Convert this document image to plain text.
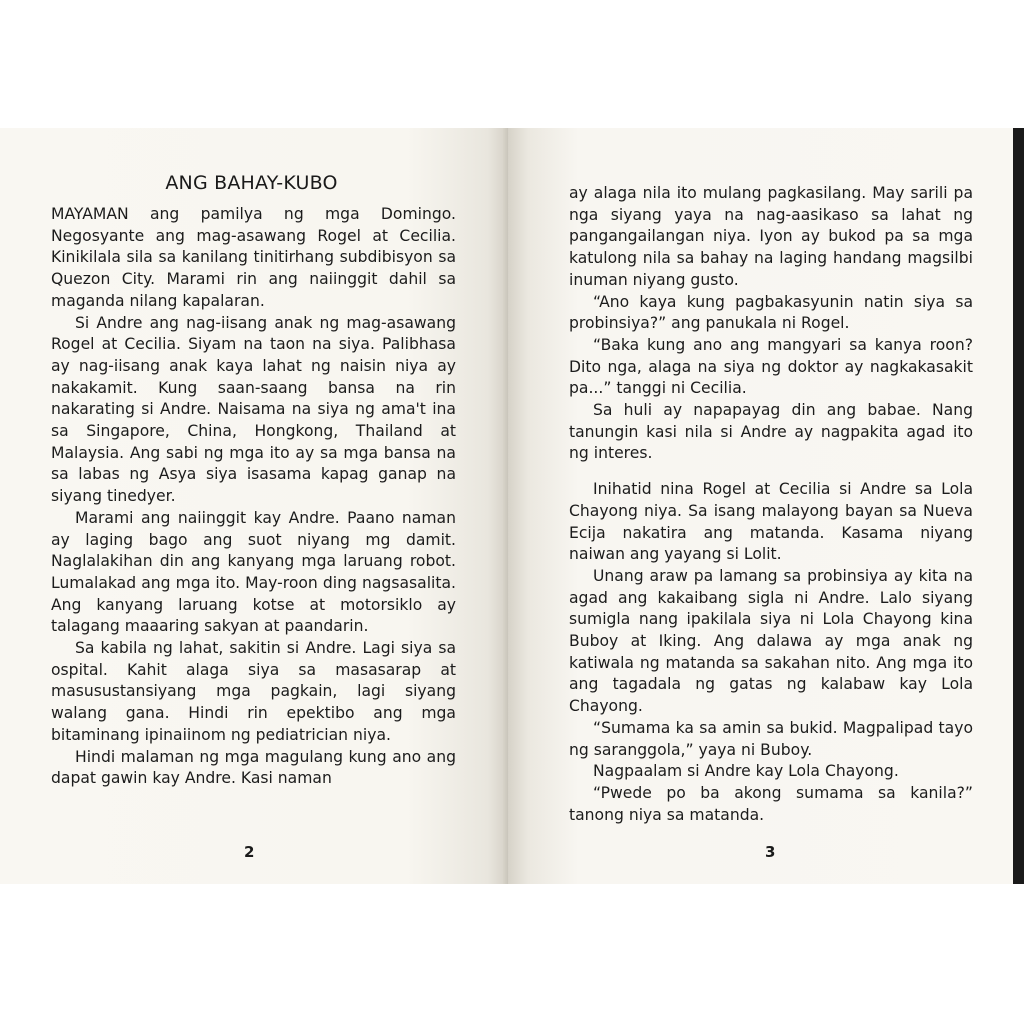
ANG BAHAY-KUBO

MAYAMAN ang pamilya ng mga Domingo. Negosyante ang mag-asawang Rogel at Cecilia. Kinikilala sila sa kanilang tinitirhang subdibisyon sa Quezon City. Marami rin ang naiinggit dahil sa maganda nilang kapalaran.

Si Andre ang nag-iisang anak ng mag-asawang Rogel at Cecilia. Siyam na taon na siya. Palibhasa ay nag-iisang anak kaya lahat ng naisin niya ay nakakamit. Kung saan-saang bansa na rin nakarating si Andre. Naisama na siya ng ama't ina sa Singapore, China, Hongkong, Thailand at Malaysia. Ang sabi ng mga ito ay sa mga bansa na sa labas ng Asya siya isasama kapag ganap na siyang tinedyer.

Marami ang naiinggit kay Andre. Paano naman ay laging bago ang suot niyang mg damit. Naglalakihan din ang kanyang mga laruang robot. Lumalakad ang mga ito. May-roon ding nagsasalita. Ang kanyang laruang kotse at motorsiklo ay talagang maaaring sakyan at paandarin.

Sa kabila ng lahat, sakitin si Andre. Lagi siya sa ospital. Kahit alaga siya sa masasarap at masusustansiyang mga pagkain, lagi siyang walang gana. Hindi rin epektibo ang mga bitaminang ipinaiinom ng pediatrician niya.

Hindi malaman ng mga magulang kung ano ang dapat gawin kay Andre. Kasi naman

2	3

ay alaga nila ito mulang pagkasilang. May sarili pa nga siyang yaya na nag-aasikaso sa lahat ng pangangailangan niya. Iyon ay bukod pa sa mga katulong nila sa bahay na laging handang magsilbi inuman niyang gusto.

“Ano kaya kung pagbakasyunin natin siya sa probinsiya?” ang panukala ni Rogel.

“Baka kung ano ang mangyari sa kanya roon? Dito nga, alaga na siya ng doktor ay nagkakasakit pa...” tanggi ni Cecilia.

Sa huli ay napapayag din ang babae. Nang tanungin kasi nila si Andre ay nagpakita agad ito ng interes.

Inihatid nina Rogel at Cecilia si Andre sa Lola Chayong niya. Sa isang malayong bayan sa Nueva Ecija nakatira ang matanda. Kasama niyang naiwan ang yayang si Lolit.

Unang araw pa lamang sa probinsiya ay kita na agad ang kakaibang sigla ni Andre. Lalo siyang sumigla nang ipakilala siya ni Lola Chayong kina Buboy at Iking. Ang dalawa ay mga anak ng katiwala ng matanda sa sakahan nito. Ang mga ito ang tagadala ng gatas ng kalabaw kay Lola Chayong.

“Sumama ka sa amin sa bukid. Magpalipad tayo ng saranggola,” yaya ni Buboy.

Nagpaalam si Andre kay Lola Chayong.

“Pwede po ba akong sumama sa kanila?” tanong niya sa matanda.
